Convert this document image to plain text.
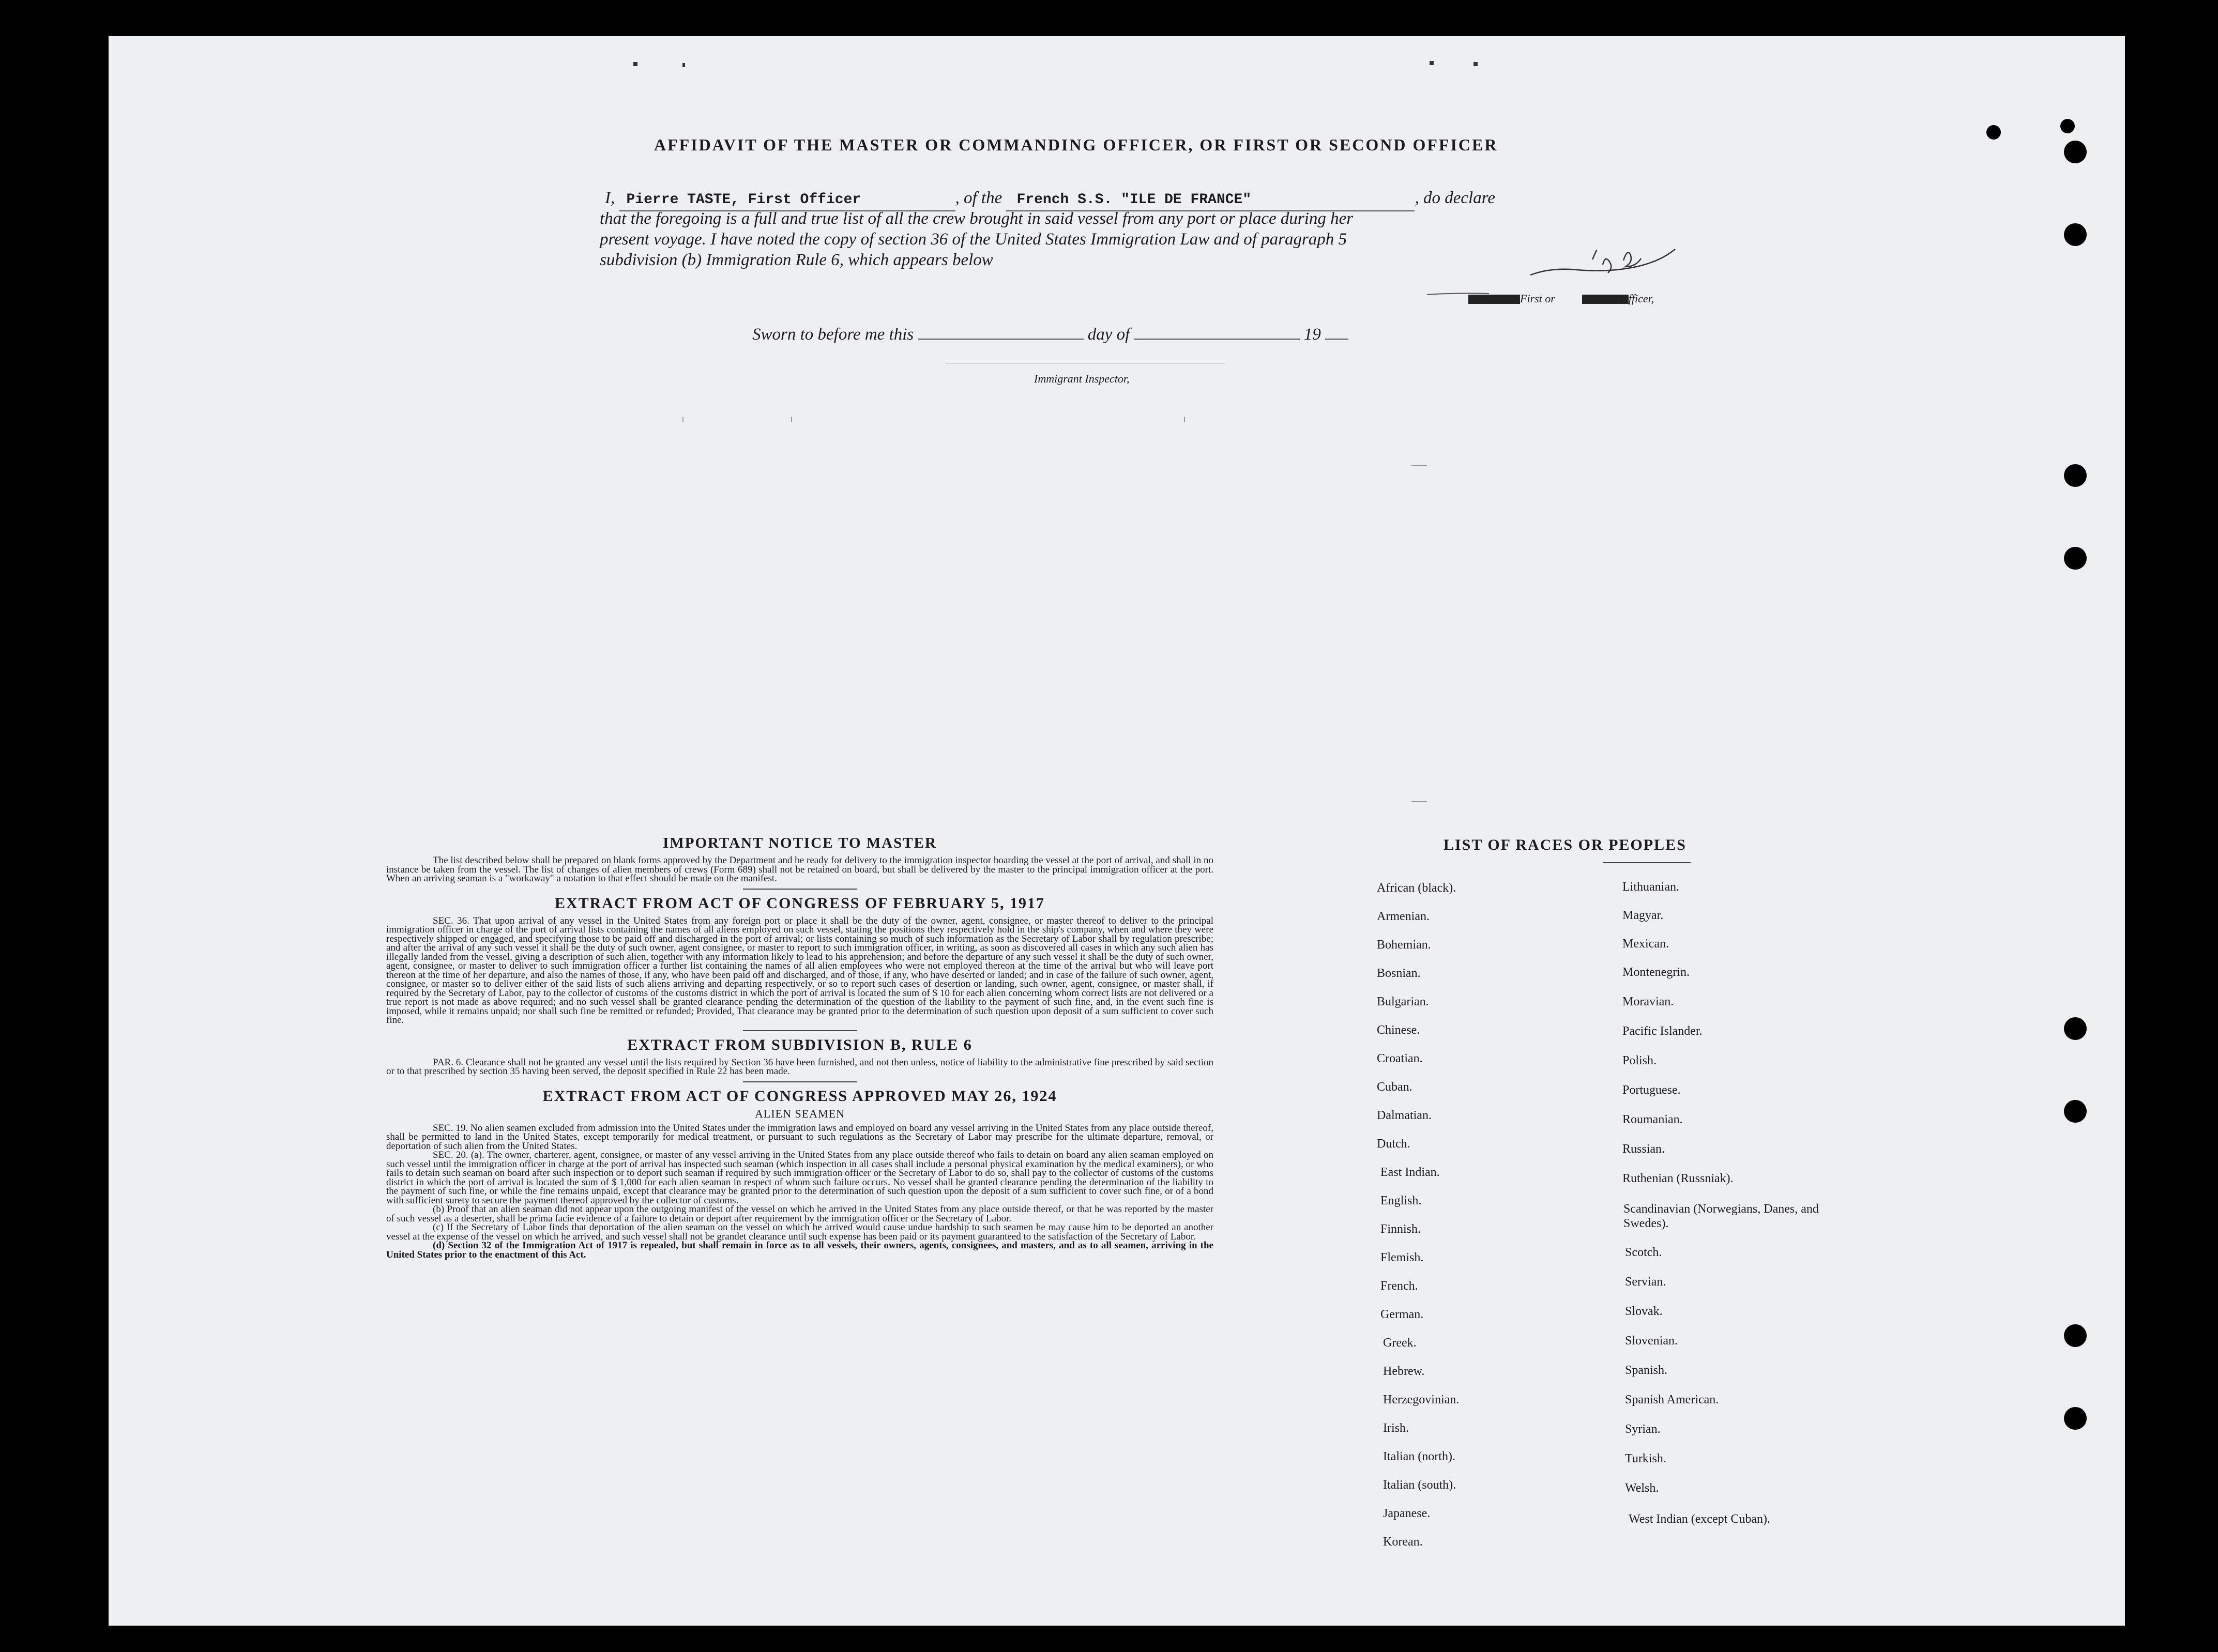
AFFIDAVIT OF THE MASTER OR COMMANDING OFFICER, OR FIRST OR SECOND OFFICER
I, Pierre TASTE, First Officer	, of the French S.S. "ILE DE FRANCE"	, do declare
that the foregoing is a full and true list of all the crew brought in said vessel from any port or place during her
present voyage. I have noted the copy of section 36 of the United States Immigration Law and of paragraph 5
subdivision (b) Immigration Rule 6, which appears below
First or	Officer,
Sworn to before me this	day of	19
Immigrant Inspector,
IMPORTANT NOTICE TO MASTER
The list described below shall be prepared on blank forms approved by the Department and be ready for delivery to the immigration inspector boarding the vessel at the port of arrival, and shall in no instance be taken from the vessel. The list of changes of alien members of crews (Form 689) shall not be retained on board, but shall be delivered by the master to the principal immigration officer at the port. When an arriving seaman is a "workaway" a notation to that effect should be made on the manifest.
EXTRACT FROM ACT OF CONGRESS OF FEBRUARY 5, 1917
SEC. 36. That upon arrival of any vessel in the United States from any foreign port or place it shall be the duty of the owner, agent, consignee, or master thereof to deliver to the principal immigration officer in charge of the port of arrival lists containing the names of all aliens employed on such vessel, stating the positions they respectively hold in the ship's company, when and where they were respectively shipped or engaged, and specifying those to be paid off and discharged in the port of arrival; or lists containing so much of such information as the Secretary of Labor shall by regulation prescribe; and after the arrival of any such vessel it shall be the duty of such owner, agent consignee, or master to report to such immigration officer, in writing, as soon as discovered all cases in which any such alien has illegally landed from the vessel, giving a description of such alien, together with any information likely to lead to his apprehension; and before the departure of any such vessel it shall be the duty of such owner, agent, consignee, or master to deliver to such immigration officer a further list containing the names of all alien employees who were not employed thereon at the time of the arrival but who will leave port thereon at the time of her departure, and also the names of those, if any, who have been paid off and discharged, and of those, if any, who have deserted or landed; and in case of the failure of such owner, agent, consignee, or master so to deliver either of the said lists of such aliens arriving and departing respectively, or so to report such cases of desertion or landing, such owner, agent, consignee, or master shall, if required by the Secretary of Labor, pay to the collector of customs of the customs district in which the port of arrival is located the sum of $ 10 for each alien concerning whom correct lists are not delivered or a true report is not made as above required; and no such vessel shall be granted clearance pending the determination of the question of the liability to the payment of such fine, and, in the event such fine is imposed, while it remains unpaid; nor shall such fine be remitted or refunded; Provided, That clearance may be granted prior to the determination of such question upon deposit of a sum sufficient to cover such fine.
EXTRACT FROM SUBDIVISION B, RULE 6
PAR. 6. Clearance shall not be granted any vessel until the lists required by Section 36 have been furnished, and not then unless, notice of liability to the administrative fine prescribed by said section or to that prescribed by section 35 having been served, the deposit specified in Rule 22 has been made.
EXTRACT FROM ACT OF CONGRESS APPROVED MAY 26, 1924
ALIEN SEAMEN
SEC. 19. No alien seamen excluded from admission into the United States under the immigration laws and employed on board any vessel arriving in the United States from any place outside thereof, shall be permitted to land in the United States, except temporarily for medical treatment, or pursuant to such regulations as the Secretary of Labor may prescribe for the ultimate departure, removal, or deportation of such alien from the United States.
SEC. 20. (a). The owner, charterer, agent, consignee, or master of any vessel arriving in the United States from any place outside thereof who fails to detain on board any alien seaman employed on such vessel until the immigration officer in charge at the port of arrival has inspected such seaman (which inspection in all cases shall include a personal physical examination by the medical examiners), or who fails to detain such seaman on board after such inspection or to deport such seaman if required by such immigration officer or the Secretary of Labor to do so, shall pay to the collector of customs of the customs district in which the port of arrival is located the sum of $ 1,000 for each alien seaman in respect of whom such failure occurs. No vessel shall be granted clearance pending the determination of the liability to the payment of such fine, or while the fine remains unpaid, except that clearance may be granted prior to the determination of such question upon the deposit of a sum sufficient to cover such fine, or of a bond with sufficient surety to secure the payment thereof approved by the collector of customs.
(b) Proof that an alien seaman did not appear upon the outgoing manifest of the vessel on which he arrived in the United States from any place outside thereof, or that he was reported by the master of such vessel as a deserter, shall be prima facie evidence of a failure to detain or deport after requirement by the immigration officer or the Secretary of Labor.
(c) If the Secretary of Labor finds that deportation of the alien seaman on the vessel on which he arrived would cause undue hardship to such seamen he may cause him to be deported an another vessel at the expense of the vessel on which he arrived, and such vessel shall not be grandet clearance until such expense has been paid or its payment guaranteed to the satisfaction of the Secretary of Labor.
(d) Section 32 of the Immigration Act of 1917 is repealed, but shall remain in force as to all vessels, their owners, agents, consignees, and masters, and as to all seamen, arriving in the United States prior to the enactment of this Act.
LIST OF RACES OR PEOPLES
African (black).
Armenian.
Bohemian.
Bosnian.
Bulgarian.
Chinese.
Croatian.
Cuban.
Dalmatian.
Dutch.
East Indian.
English.
Finnish.
Flemish.
French.
German.
Greek.
Hebrew.
Herzegovinian.
Irish.
Italian (north).
Italian (south).
Japanese.
Korean.
Lithuanian.
Magyar.
Mexican.
Montenegrin.
Moravian.
Pacific Islander.
Polish.
Portuguese.
Roumanian.
Russian.
Ruthenian (Russniak).
Scandinavian (Norwegians, Danes, and Swedes).
Scotch.
Servian.
Slovak.
Slovenian.
Spanish.
Spanish American.
Syrian.
Turkish.
Welsh.
West Indian (except Cuban).
